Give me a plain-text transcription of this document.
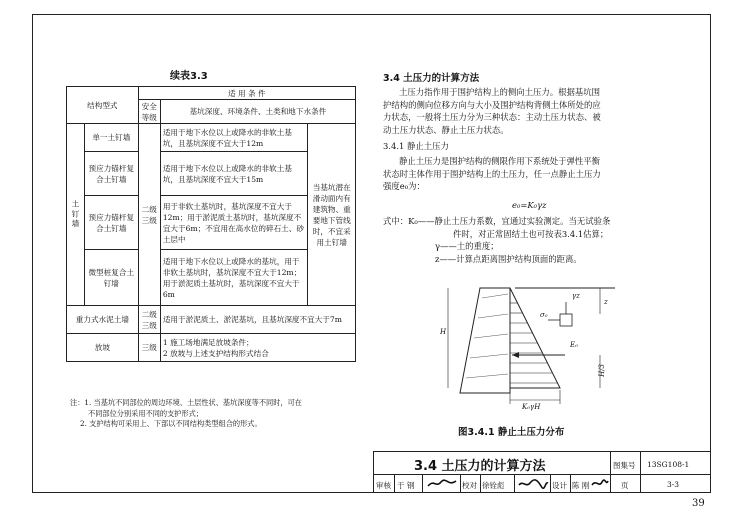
续表3.3
结构型式		适 用 条 件		
		安全等级	基坑深度、环境条件、土类和地下水条件	
土钉墙	单一土钉墙	二级三级	适用于地下水位以上或降水的非软土基坑，且基坑深度不宜大于12m	当基坑潜在滑动面内有建筑物、重要地下管线时，不宜采用土钉墙
	预应力锚杆复合土钉墙		适用于地下水位以上或降水的非软土基坑，且基坑深度不宜大于15m	
	预应力锚杆复合土钉墙		用于非软土基坑时，基坑深度不宜大于12m；用于淤泥质土基坑时，基坑深度不宜大于6m；不宜用在高水位的碎石土、砂土层中	
	微型桩复合土钉墙		适用于地下水位以上或降水的基坑，用于非软土基坑时，基坑深度不宜大于12m；用于淤泥质土基坑时，基坑深度不宜大于6m	
重力式水泥土墙		二级三级	适用于淤泥质土、淤泥基坑，且基坑深度不宜大于7m	
放坡		三级	1 施工场地满足放坡条件；
2 放坡与上述支护结构形式结合	
注：1. 当基坑不同部位的周边环境、土层性状、基坑深度等不同时，可在
不同部位分别采用不同的支护形式；
2. 支护结构可采用上、下部以不同结构类型组合的形式。
3.4 土压力的计算方法
土压力指作用于围护结构上的侧向土压力。根据基坑围
护结构的侧向位移方向与大小及围护结构背侧土体所处的应
力状态，一般将土压力分为三种状态：主动土压力状态、被
动土压力状态、静止土压力状态。
3.4.1 静止土压力
静止土压力是围护结构的侧限作用下系统处于弹性平衡
状态时主体作用于围护结构上的土压力，任一点静止土压力
强度e₀为：
e₀=K₀γz
式中：K₀——静止土压力系数，宜通过实验测定。当无试验条
件时，对正常固结土也可按表3.4.1估算；
γ——土的重度；
z——计算点距离围护结构顶面的距离。
γz
z
σ₀
E₀
H
H/3
K₀γH
图3.4.1 静止土压力分布
3.4 土压力的计算方法	图集号 13SG108-1
审核 于 钢	校对 徐铨彪	设计 陈 刚	页	3-3
39
